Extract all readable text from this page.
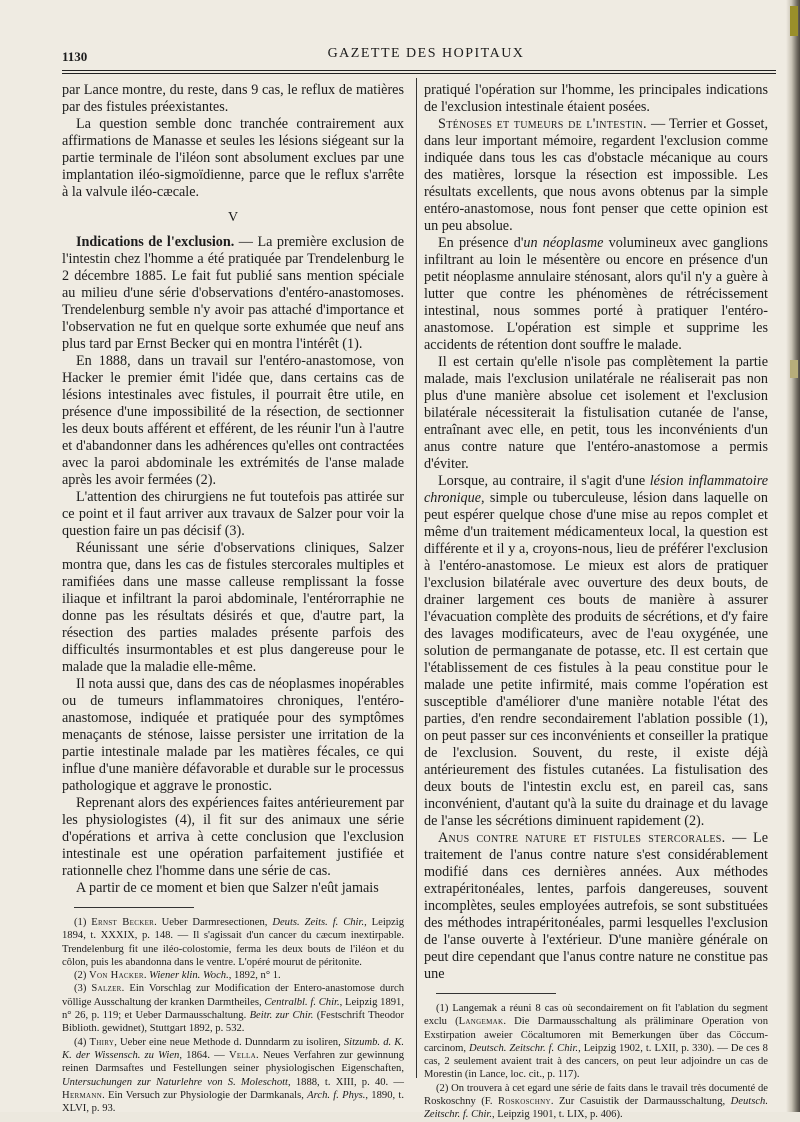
1130	GAZETTE DES HOPITAUX

par Lance montre, du reste, dans 9 cas, le reflux de matières par des fistules préexistantes.

La question semble donc tranchée contrairement aux affirmations de Manasse et seules les lésions siégeant sur la partie terminale de l'iléon sont absolument exclues par une implantation iléo-sigmoïdienne, parce que le reflux s'arrête à la valvule iléo-cæcale.

V

Indications de l'exclusion. — La première exclusion de l'intestin chez l'homme a été pratiquée par Trendelenburg le 2 décembre 1885. Le fait fut publié sans mention spéciale au milieu d'une série d'observations d'entéro-anastomoses. Trendelenburg semble n'y avoir pas attaché d'importance et l'observation ne fut en quelque sorte exhumée que neuf ans plus tard par Ernst Becker qui en montra l'intérêt (1).

En 1888, dans un travail sur l'entéro-anastomose, von Hacker le premier émit l'idée que, dans certains cas de lésions intestinales avec fistules, il pourrait être utile, en présence d'une impossibilité de la résection, de sectionner les deux bouts afférent et efférent, de les réunir l'un à l'autre et d'abandonner dans les adhérences qu'elles ont contractées avec la paroi abdominale les extrémités de l'anse malade après les avoir fermées (2).

L'attention des chirurgiens ne fut toutefois pas attirée sur ce point et il faut arriver aux travaux de Salzer pour voir la question faire un pas décisif (3).

Réunissant une série d'observations cliniques, Salzer montra que, dans les cas de fistules stercorales multiples et ramifiées dans une masse calleuse remplissant la fosse iliaque et infiltrant la paroi abdominale, l'entérorraphie ne donne pas les résultats désirés et que, d'autre part, la résection des parties malades présente parfois des difficultés insurmontables et est plus dangereuse pour le malade que la maladie elle-même.

Il nota aussi que, dans des cas de néoplasmes inopérables ou de tumeurs inflammatoires chroniques, l'entéro-anastomose, indiquée et pratiquée pour des symptômes menaçants de sténose, laisse persister une irritation de la partie intestinale malade par les matières fécales, ce qui influe d'une manière défavorable et durable sur le processus pathologique et aggrave le pronostic.

Reprenant alors des expériences faites antérieurement par les physiologistes (4), il fit sur des animaux une série d'opérations et arriva à cette conclusion que l'exclusion intestinale est une opération parfaitement justifiée et rationnelle chez l'homme dans une série de cas.

A partir de ce moment et bien que Salzer n'eût jamais

(1) Ernst Becker. Ueber Darmresectionen, Deuts. Zeits. f. Chir., Leipzig 1894, t. XXXIX, p. 148. — Il s'agissait d'un cancer du cæcum inextirpable. Trendelenburg fit une iléo-colostomie, ferma les deux bouts de l'iléon et du côlon, puis les abandonna dans le ventre. L'opéré mourut de péritonite.

(2) Von Hacker. Wiener klin. Woch., 1892, n° 1.

(3) Salzer. Ein Vorschlag zur Modification der Entero-anastomose durch völlige Ausschaltung der kranken Darmtheiles, Centralbl. f. Chir., Leipzig 1891, n° 26, p. 119; et Ueber Darmausschaltung. Beitr. zur Chir. (Festschrift Theodor Biblioth. gewidnet), Stuttgart 1892, p. 532.

(4) Thiry, Ueber eine neue Methode d. Dunndarm zu isoliren, Sitzumb. d. K. K. der Wissensch. zu Wien, 1864. — Vella. Neues Verfahren zur gewinnung reinen Darmsaftes und Festellungen seiner physiologischen Eigenschaften, Untersuchungen zur Naturlehre von S. Moleschott, 1888, t. XIII, p. 40. — Hermann. Ein Versuch zur Physiologie der Darmkanals, Arch. f. Phys., 1890, t. XLVI, p. 93.

pratiqué l'opération sur l'homme, les principales indications de l'exclusion intestinale étaient posées.

Sténoses et tumeurs de l'intestin. — Terrier et Gosset, dans leur important mémoire, regardent l'exclusion comme indiquée dans tous les cas d'obstacle mécanique au cours des matières, lorsque la résection est impossible. Les résultats excellents, que nous avons obtenus par la simple entéro-anastomose, nous font penser que cette opinion est un peu absolue.

En présence d'un néoplasme volumineux avec ganglions infiltrant au loin le mésentère ou encore en présence d'un petit néoplasme annulaire sténosant, alors qu'il n'y a guère à lutter que contre les phénomènes de rétrécissement intestinal, nous sommes porté à pratiquer l'entéro-anastomose. L'opération est simple et supprime les accidents de rétention dont souffre le malade.

Il est certain qu'elle n'isole pas complètement la partie malade, mais l'exclusion unilatérale ne réaliserait pas non plus d'une manière absolue cet isolement et l'exclusion bilatérale nécessiterait la fistulisation cutanée de l'anse, entraînant avec elle, en petit, tous les inconvénients d'un anus contre nature que l'entéro-anastomose a permis d'éviter.

Lorsque, au contraire, il s'agit d'une lésion inflammatoire chronique, simple ou tuberculeuse, lésion dans laquelle on peut espérer quelque chose d'une mise au repos complet et même d'un traitement médicamenteux local, la question est différente et il y a, croyons-nous, lieu de préférer l'exclusion à l'entéro-anastomose. Le mieux est alors de pratiquer l'exclusion bilatérale avec ouverture des deux bouts, de drainer largement ces bouts de manière à assurer l'évacuation complète des produits de sécrétions, et d'y faire des lavages modificateurs, avec de l'eau oxygénée, une solution de permanganate de potasse, etc. Il est certain que l'établissement de ces fistules à la peau constitue pour le malade une petite infirmité, mais comme l'opération est susceptible d'améliorer d'une manière notable l'état des parties, d'en rendre secondairement l'ablation possible (1), on peut passer sur ces inconvénients et conseiller la pratique de l'exclusion. Souvent, du reste, il existe déjà antérieurement des fistules cutanées. La fistulisation des deux bouts de l'intestin exclu est, en pareil cas, sans inconvénient, d'autant qu'à la suite du drainage et du lavage de l'anse les sécrétions diminuent rapidement (2).

Anus contre nature et fistules stercorales. — Le traitement de l'anus contre nature s'est considérablement modifié dans ces dernières années. Aux méthodes extrapéritonéales, lentes, parfois dangereuses, souvent incomplètes, seules employées autrefois, se sont substituées des méthodes intrapéritonéales, parmi lesquelles l'exclusion de l'anse ouverte à l'extérieur. D'une manière générale on peut dire cependant que l'anus contre nature ne constitue pas une

(1) Langemak a réuni 8 cas où secondairement on fit l'ablation du segment exclu (Langemak. Die Darmausschaltung als präliminare Operation von Exstirpation aweier Cöcaltumoren mit Bemerkungen über das Cöccum-carcinom, Deutsch. Zeitschr. f. Chir., Leipzig 1902, t. LXII, p. 330). — De ces 8 cas, 2 seulement avaient trait à des cancers, on peut leur adjoindre un cas de Morestin (in Lance, loc. cit., p. 117).

(2) On trouvera à cet egard une série de faits dans le travail très documenté de Roskoschny (F. Roskoschny. Zur Casuistik der Darmausschaltung, Deutsch. Zeitschr. f. Chir., Leipzig 1901, t. LIX, p. 406).
